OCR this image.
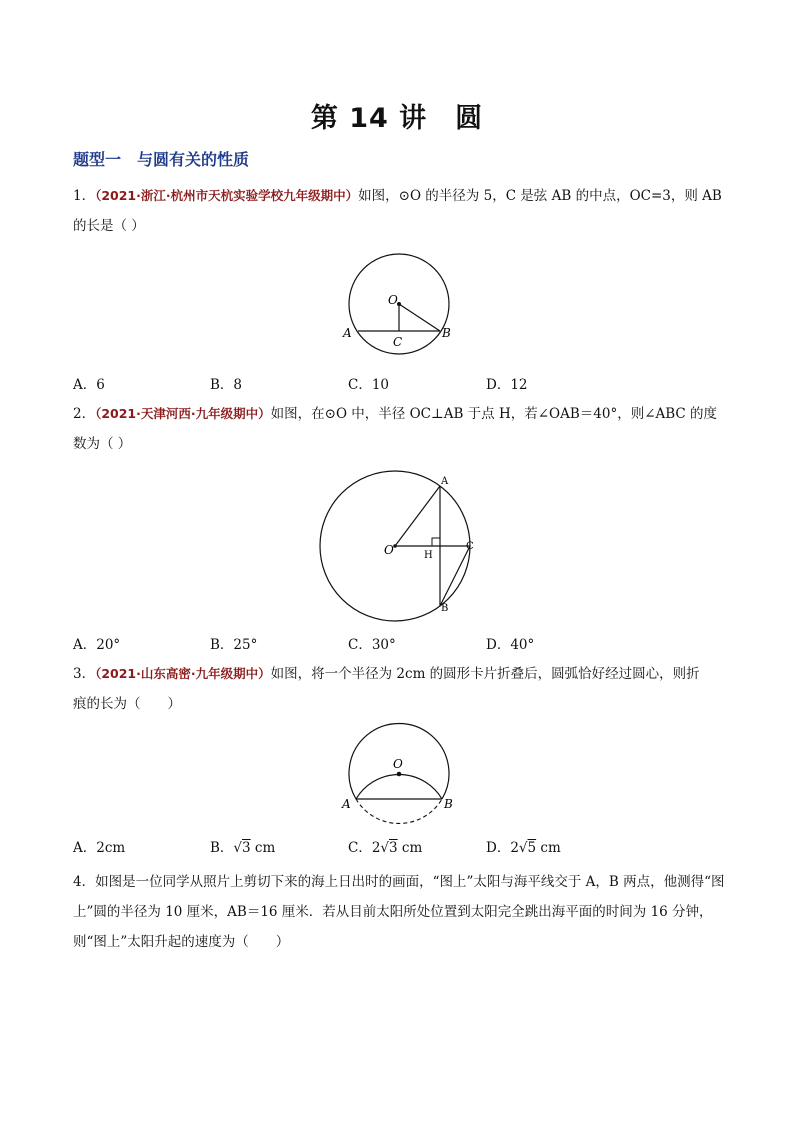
第 14 讲　圆
题型一　与圆有关的性质
1．（2021·浙江·杭州市天杭实验学校九年级期中）如图，⊙O 的半径为 5，C 是弦 AB 的中点，OC=3，则 AB
的长是（ ）
O
A	B
C
A．6	B．8	C．10	D．12
2．（2021·天津河西·九年级期中）如图，在⊙O 中，半径 OC⊥AB 于点 H，若∠OAB＝40°，则∠ABC 的度
数为（ ）
O
A
B
C
H
A．20°	B．25°	C．30°	D．40°
3．（2021·山东高密·九年级期中）如图，将一个半径为 2cm 的圆形卡片折叠后，圆弧恰好经过圆心，则折
痕的长为（　　）
O
A	B
A．2cm	B．√3 cm	C．2√3 cm	D．2√5 cm
4．如图是一位同学从照片上剪切下来的海上日出时的画面，“图上”太阳与海平线交于 A，B 两点，他测得“图
上”圆的半径为 10 厘米，AB＝16 厘米．若从目前太阳所处位置到太阳完全跳出海平面的时间为 16 分钟，
则“图上”太阳升起的速度为（　　）
